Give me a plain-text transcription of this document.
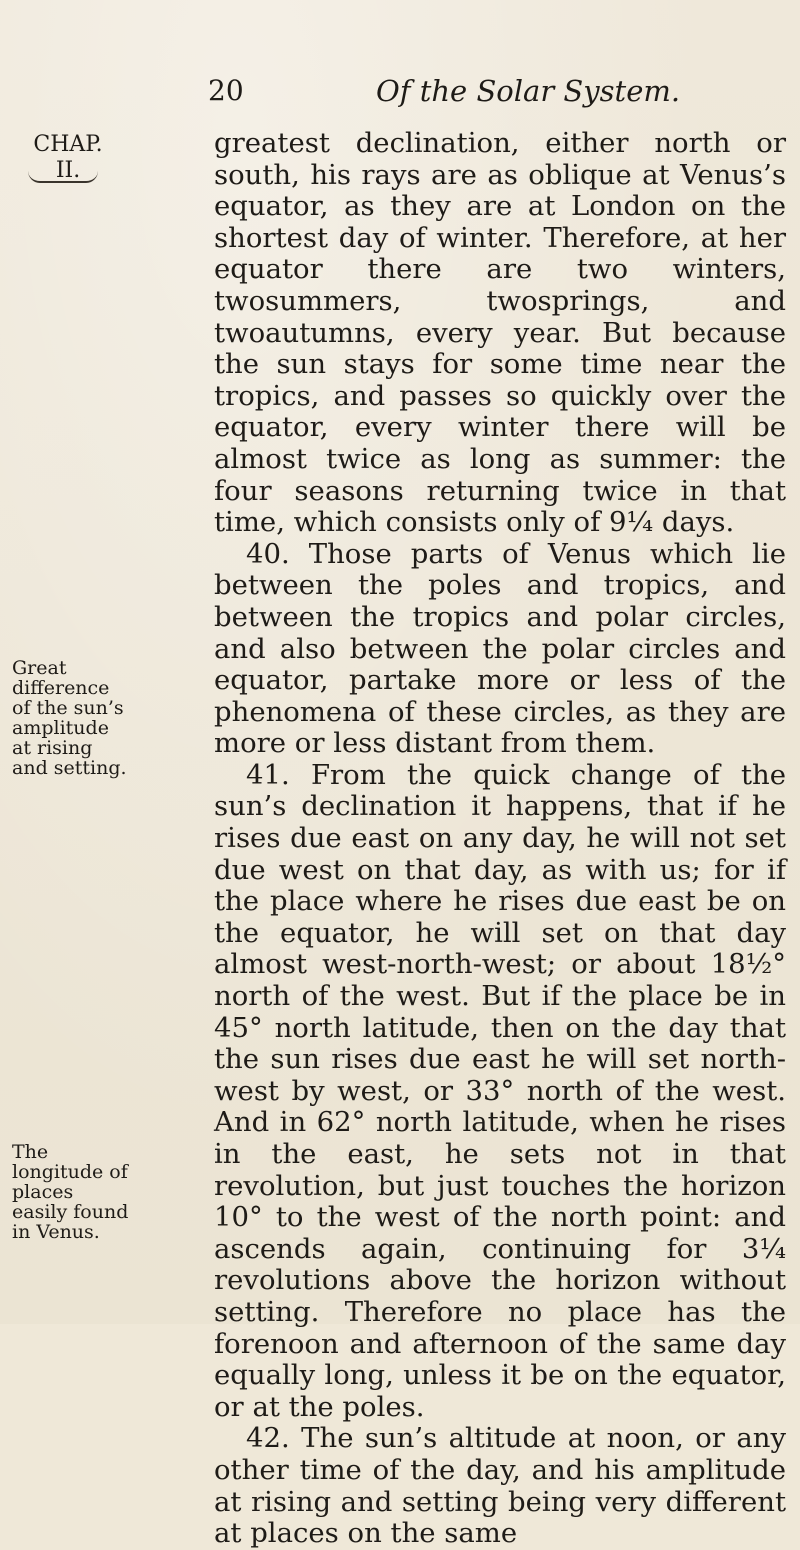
20	Of the Solar System.
CHAP.
II.

greatest declination, either north or south, his rays are as oblique at Venus’s equator, as they are at London on the shortest day of winter. Therefore, at her equator there are two winters, twosummers, twosprings, and twoautumns, every year. But because the sun stays for some time near the tropics, and passes so quickly over the equator, every winter there will be almost twice as long as summer: the four seasons returning twice in that time, which consists only of 9¼ days.

40. Those parts of Venus which lie between the poles and tropics, and between the tropics and polar circles, and also between the polar circles and equator, partake more or less of the phenomena of these circles, as they are more or less distant from them.

41. From the quick change of the sun’s declination it happens, that if he rises due east on any day, he will not set due west on that day, as with us; for if the place where he rises due east be on the equator, he will set on that day almost west-north-west; or about 18½° north of the west. But if the place be in 45° north latitude, then on the day that the sun rises due east he will set north-west by west, or 33° north of the west. And in 62° north latitude, when he rises in the east, he sets not in that revolution, but just touches the horizon 10° to the west of the north point: and ascends again, continuing for 3¼ revolutions above the horizon without setting. Therefore no place has the forenoon and afternoon of the same day equally long, unless it be on the equator, or at the poles.

42. The sun’s altitude at noon, or any other time of the day, and his amplitude at rising and setting being very different at places on the same

Great difference of the sun’s amplitude at rising and setting.
The longitude of places easily found in Venus.
